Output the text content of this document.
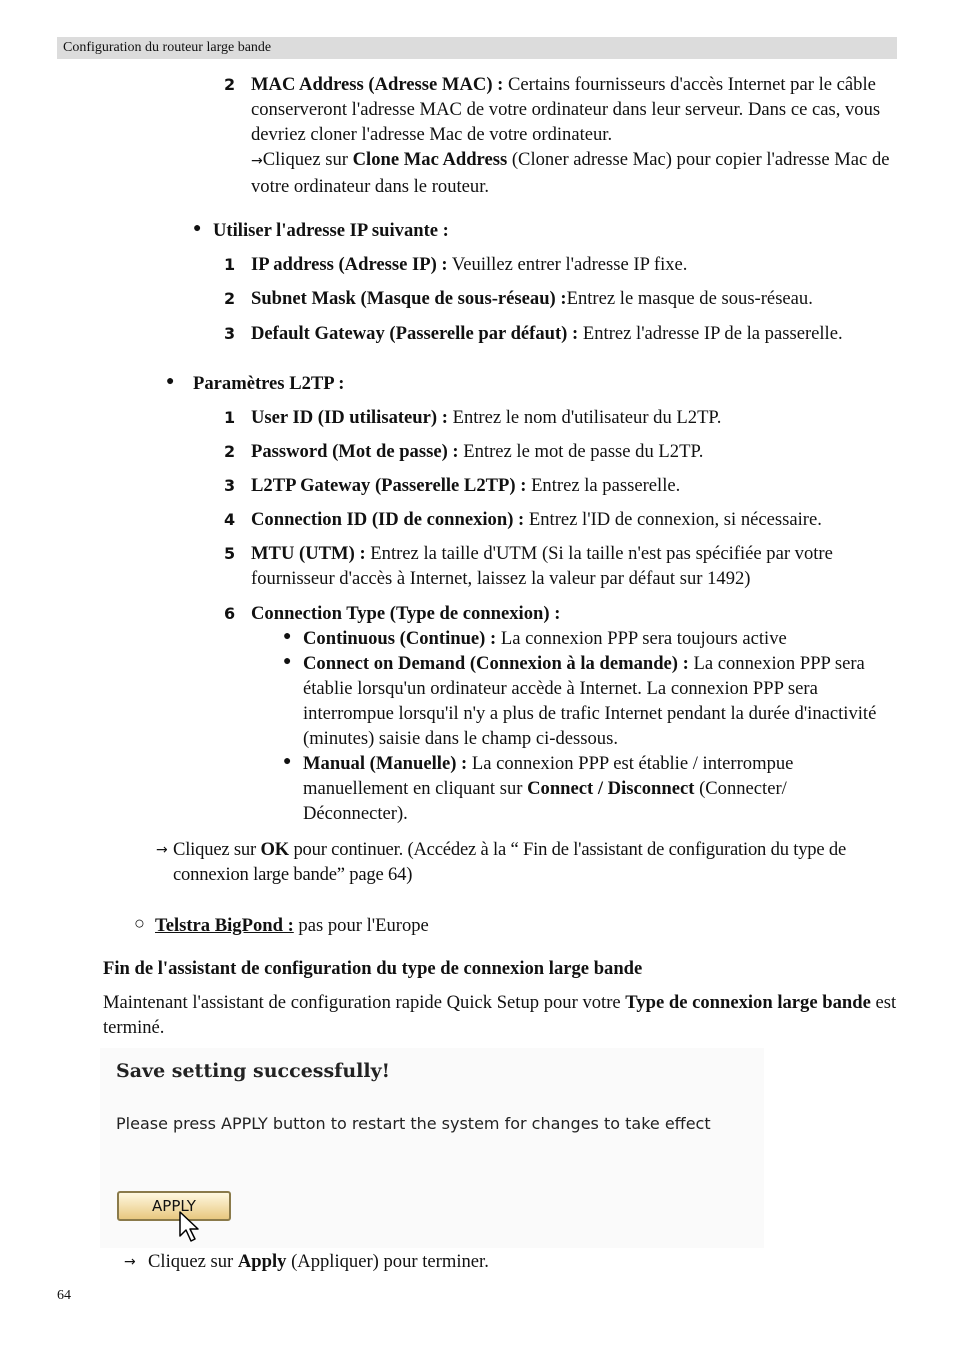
Configuration du routeur large bande
2 MAC Address (Adresse MAC) : Certains fournisseurs d'accès Internet par le câble conserveront l'adresse MAC de votre ordinateur dans leur serveur. Dans ce cas, vous devriez cloner l'adresse Mac de votre ordinateur.
→Cliquez sur Clone Mac Address (Cloner adresse Mac) pour copier l'adresse Mac de votre ordinateur dans le routeur.
● Utiliser l'adresse IP suivante :
1 IP address (Adresse IP) : Veuillez entrer l'adresse IP fixe.
2 Subnet Mask (Masque de sous-réseau) :Entrez le masque de sous-réseau.
3 Default Gateway (Passerelle par défaut) : Entrez l'adresse IP de la passerelle.
● Paramètres L2TP :
1 User ID (ID utilisateur) : Entrez le nom d'utilisateur du L2TP.
2 Password (Mot de passe) : Entrez le mot de passe du L2TP.
3 L2TP Gateway (Passerelle L2TP) : Entrez la passerelle.
4 Connection ID (ID de connexion) : Entrez l'ID de connexion, si nécessaire.
5 MTU (UTM) : Entrez la taille d'UTM (Si la taille n'est pas spécifiée par votre fournisseur d'accès à Internet, laissez la valeur par défaut sur 1492)
6 Connection Type (Type de connexion) :
● Continuous (Continue) : La connexion PPP sera toujours active
● Connect on Demand (Connexion à la demande) : La connexion PPP sera établie lorsqu'un ordinateur accède à Internet. La connexion PPP sera interrompue lorsqu'il n'y a plus de trafic Internet pendant la durée d'inactivité (minutes) saisie dans le champ ci-dessous.
● Manual (Manuelle) : La connexion PPP est établie / interrompue manuellement en cliquant sur Connect / Disconnect (Connecter/ Déconnecter).
→ Cliquez sur OK pour continuer. (Accédez à la “ Fin de l'assistant de configuration du type de connexion large bande” page 64)
○ Telstra BigPond : pas pour l'Europe
Fin de l'assistant de configuration du type de connexion large bande
Maintenant l'assistant de configuration rapide Quick Setup pour votre Type de connexion large bande est terminé.
Save setting successfully!
Please press APPLY button to restart the system for changes to take effect
APPLY
→ Cliquez sur Apply (Appliquer) pour terminer.
64
